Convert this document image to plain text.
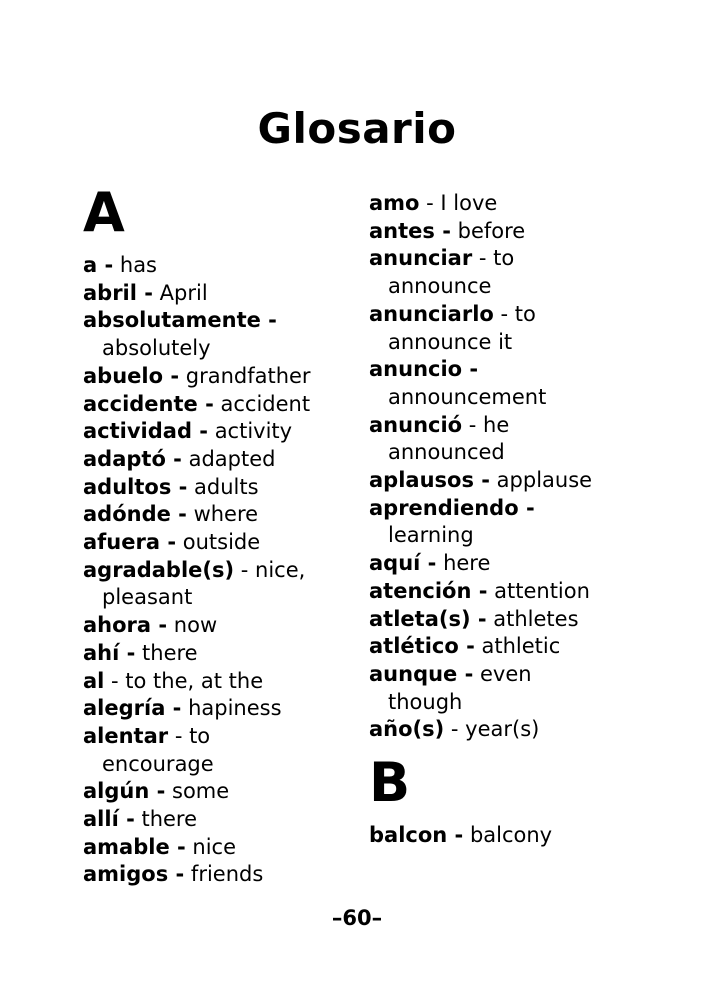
Glosario
A
a - has
abril - April
absolutamente -
absolutely
abuelo - grandfather
accidente - accident
actividad - activity
adaptó - adapted
adultos - adults
adónde - where
afuera - outside
agradable(s) - nice,
pleasant
ahora - now
ahí - there
al - to the, at the
alegría - hapiness
alentar - to
encourage
algún - some
allí - there
amable - nice
amigos - friends
amo - I love
antes - before
anunciar - to
announce
anunciarlo - to
announce it
anuncio -
announcement
anunció - he
announced
aplausos - applause
aprendiendo -
learning
aquí - here
atención - attention
atleta(s) - athletes
atlético - athletic
aunque - even
though
año(s) - year(s)
B
balcon - balcony
–60–
